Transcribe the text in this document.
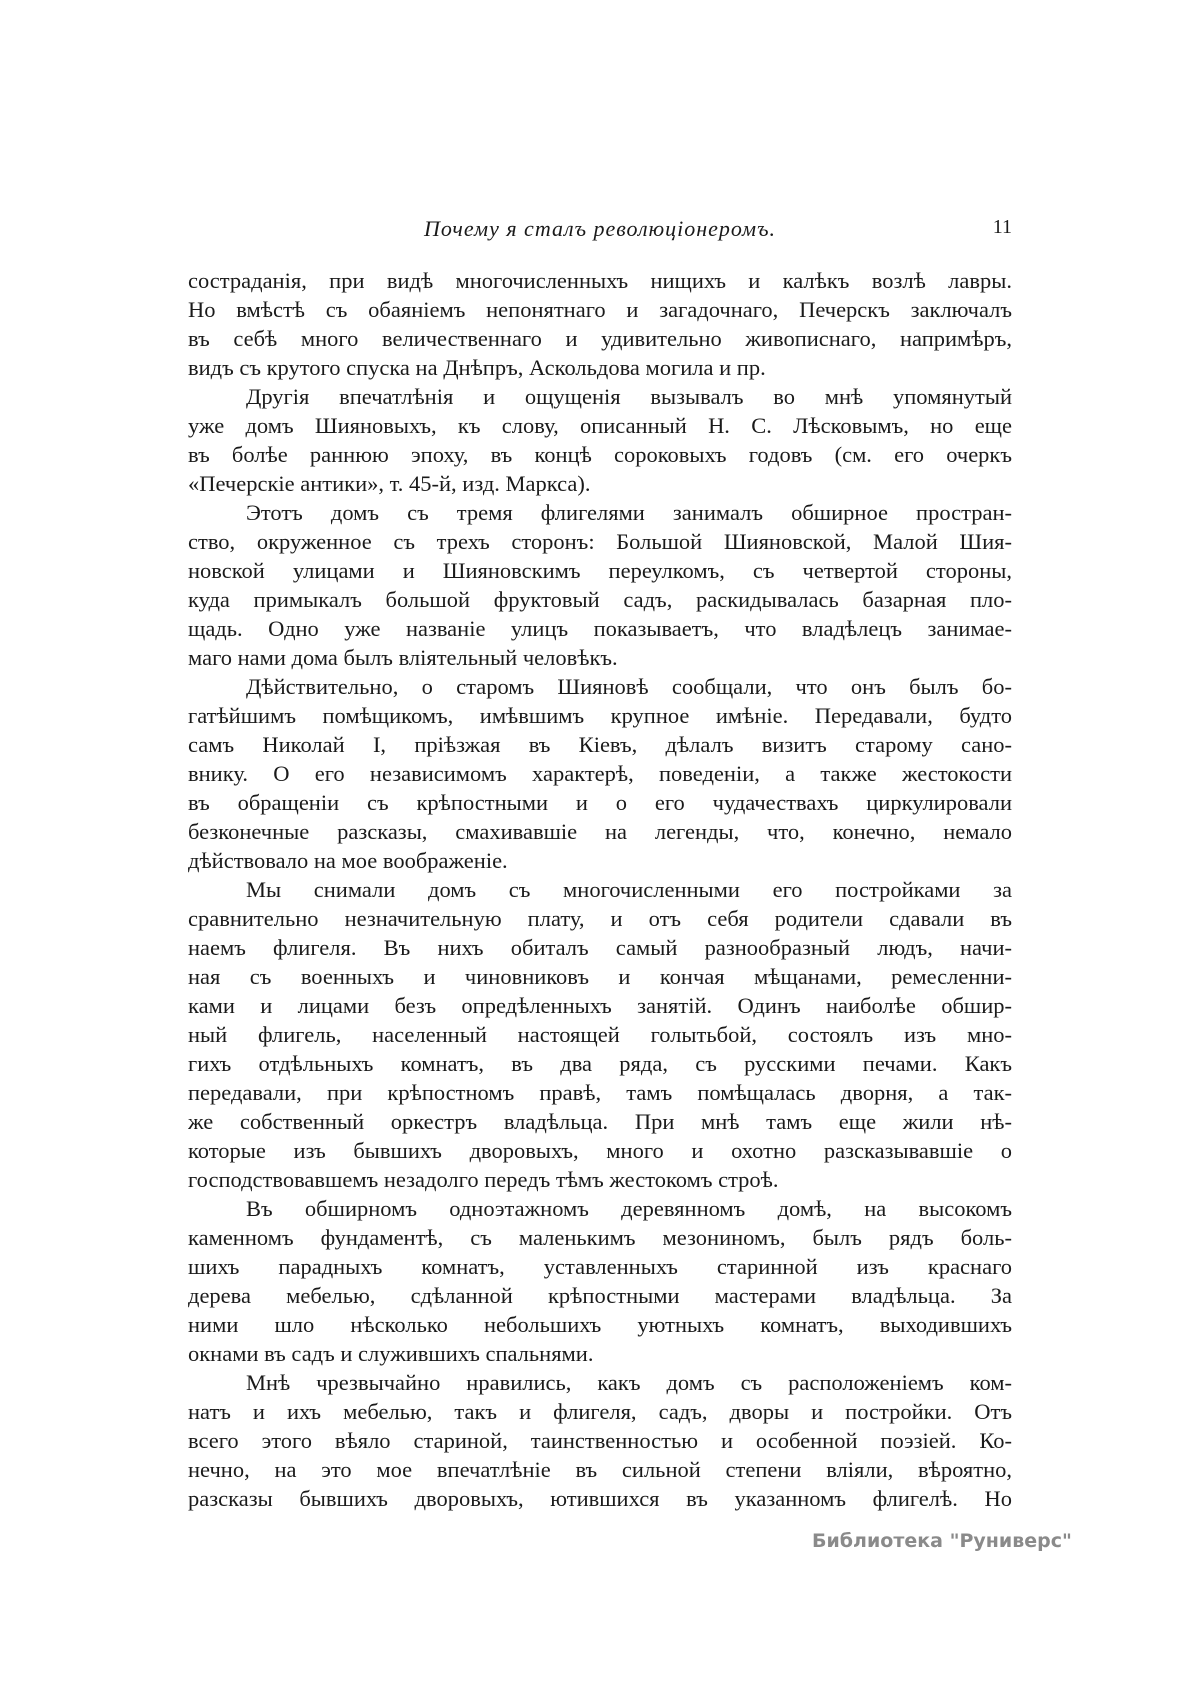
Почему я сталъ революціонеромъ.	11
состраданія, при видѣ многочисленныхъ нищихъ и калѣкъ возлѣ лавры.
Но вмѣстѣ съ обаяніемъ непонятнаго и загадочнаго, Печерскъ заключалъ
въ себѣ много величественнаго и удивительно живописнаго, напримѣръ,
видъ съ крутого спуска на Днѣпръ, Аскольдова могила и пр.
Другія впечатлѣнія и ощущенія вызывалъ во мнѣ упомянутый
уже домъ Шияновыхъ, къ слову, описанный Н. С. Лѣсковымъ, но еще
въ болѣе раннюю эпоху, въ концѣ сороковыхъ годовъ (см. его очеркъ
«Печерскіе антики», т. 45-й, изд. Маркса).
Этотъ домъ съ тремя флигелями занималъ обширное простран-
ство, окруженное съ трехъ сторонъ: Большой Шияновской, Малой Шия-
новской улицами и Шияновскимъ переулкомъ, съ четвертой стороны,
куда примыкалъ большой фруктовый садъ, раскидывалась базарная пло-
щадь. Одно уже названіе улицъ показываетъ, что владѣлецъ занимае-
маго нами дома былъ вліятельный человѣкъ.
Дѣйствительно, о старомъ Шияновѣ сообщали, что онъ былъ бо-
гатѣйшимъ помѣщикомъ, имѣвшимъ крупное имѣніе. Передавали, будто
самъ Николай I, пріѣзжая въ Кіевъ, дѣлалъ визитъ старому сано-
внику. О его независимомъ характерѣ, поведеніи, а также жестокости
въ обращеніи съ крѣпостными и о его чудачествахъ циркулировали
безконечные разсказы, смахивавшіе на легенды, что, конечно, немало
дѣйствовало на мое воображеніе.
Мы снимали домъ съ многочисленными его постройками за
сравнительно незначительную плату, и отъ себя родители сдавали въ
наемъ флигеля. Въ нихъ обиталъ самый разнообразный людъ, начи-
ная съ военныхъ и чиновниковъ и кончая мѣщанами, ремесленни-
ками и лицами безъ опредѣленныхъ занятій. Одинъ наиболѣе обшир-
ный флигель, населенный настоящей голытьбой, состоялъ изъ мно-
гихъ отдѣльныхъ комнатъ, въ два ряда, съ русскими печами. Какъ
передавали, при крѣпостномъ правѣ, тамъ помѣщалась дворня, а так-
же собственный оркестръ владѣльца. При мнѣ тамъ еще жили нѣ-
которые изъ бывшихъ дворовыхъ, много и охотно разсказывавшіе о
господствовавшемъ незадолго передъ тѣмъ жестокомъ строѣ.
Въ обширномъ одноэтажномъ деревянномъ домѣ, на высокомъ
каменномъ фундаментѣ, съ маленькимъ мезониномъ, былъ рядъ боль-
шихъ парадныхъ комнатъ, уставленныхъ старинной изъ краснаго
дерева мебелью, сдѣланной крѣпостными мастерами владѣльца. За
ними шло нѣсколько небольшихъ уютныхъ комнатъ, выходившихъ
окнами въ садъ и служившихъ спальнями.
Мнѣ чрезвычайно нравились, какъ домъ съ расположеніемъ ком-
натъ и ихъ мебелью, такъ и флигеля, садъ, дворы и постройки. Отъ
всего этого вѣяло стариной, таинственностью и особенной поэзіей. Ко-
нечно, на это мое впечатлѣніе въ сильной степени вліяли, вѣроятно,
разсказы бывшихъ дворовыхъ, ютившихся въ указанномъ флигелѣ. Но
Библиотека "Руниверс"
